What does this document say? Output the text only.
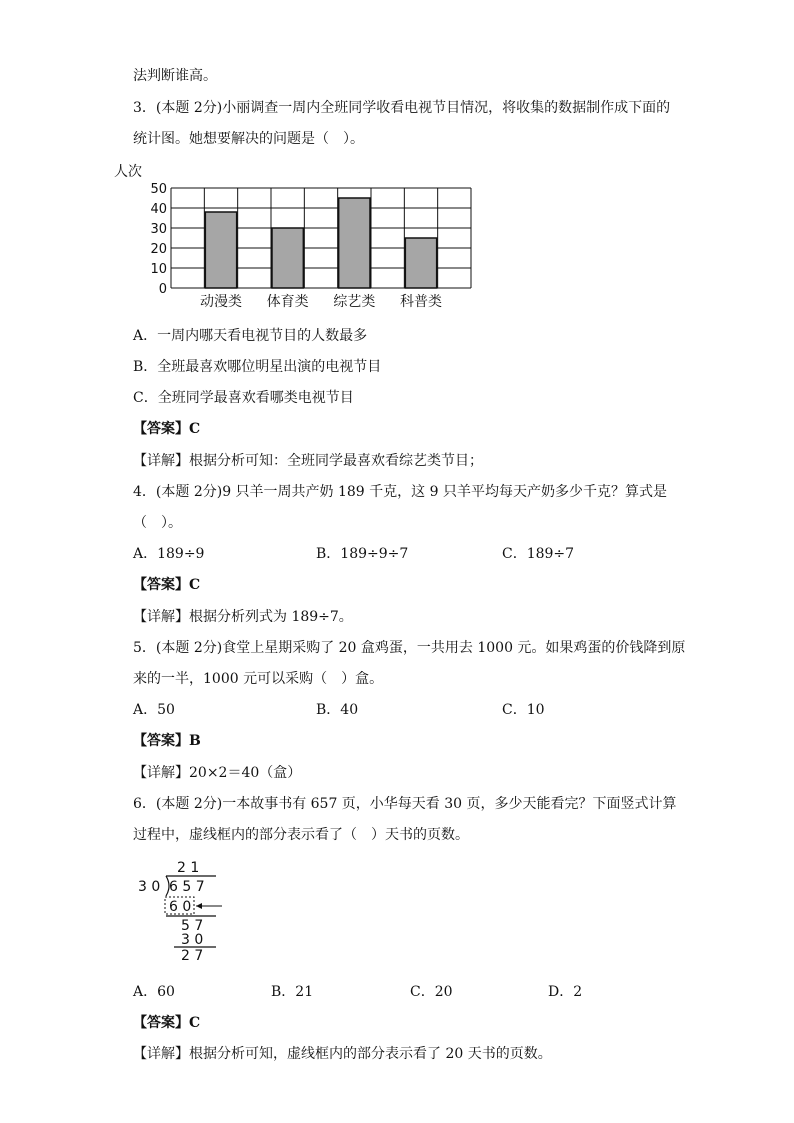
法判断谁高。
3．(本题 2分)小丽调查一周内全班同学收看电视节目情况，将收集的数据制作成下面的
统计图。她想要解决的问题是（　）。
人次
50
40
30
20
10
0
动漫类 体育类 综艺类 科普类
A．一周内哪天看电视节目的人数最多
B．全班最喜欢哪位明星出演的电视节目
C．全班同学最喜欢看哪类电视节目
【答案】C
【详解】根据分析可知：全班同学最喜欢看综艺类节目；
4．(本题 2分)9 只羊一周共产奶 189 千克，这 9 只羊平均每天产奶多少千克？算式是
（　）。
A．189÷9	B．189÷9÷7	C．189÷7
【答案】C
【详解】根据分析列式为 189÷7。
5．(本题 2分)食堂上星期采购了 20 盒鸡蛋，一共用去 1000 元。如果鸡蛋的价钱降到原
来的一半，1000 元可以采购（　）盒。
A．50	B．40	C．10
【答案】B
【详解】20×2＝40（盒）
6．(本题 2分)一本故事书有 657 页，小华每天看 30 页，多少天能看完？下面竖式计算
过程中，虚线框内的部分表示看了（　）天书的页数。
2 1
3 0 6 5 7
6 0
5 7
3 0
2 7
A．60	B．21	C．20	D．2
【答案】C
【详解】根据分析可知，虚线框内的部分表示看了 20 天书的页数。
